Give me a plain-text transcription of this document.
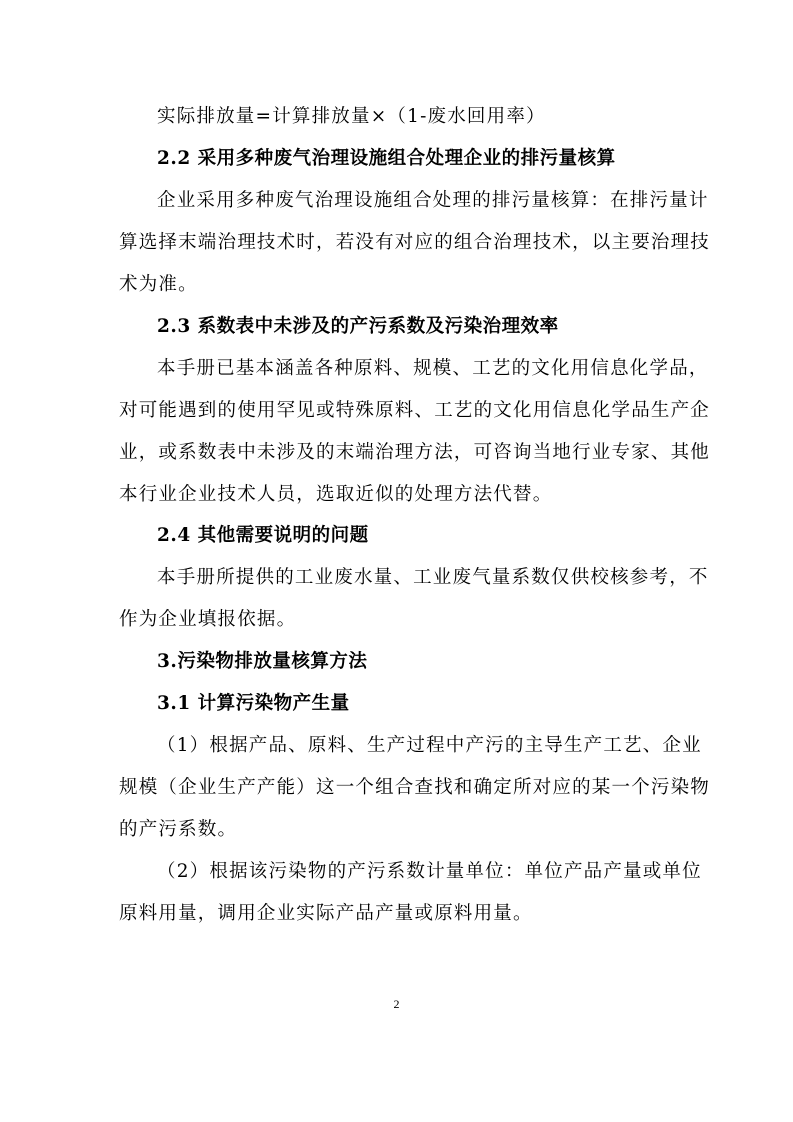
实际排放量=计算排放量×（1-废水回用率）
2.2 采用多种废气治理设施组合处理企业的排污量核算
企业采用多种废气治理设施组合处理的排污量核算：在排污量计
算选择末端治理技术时，若没有对应的组合治理技术，以主要治理技
术为准。
2.3 系数表中未涉及的产污系数及污染治理效率
本手册已基本涵盖各种原料、规模、工艺的文化用信息化学品，
对可能遇到的使用罕见或特殊原料、工艺的文化用信息化学品生产企
业，或系数表中未涉及的末端治理方法，可咨询当地行业专家、其他
本行业企业技术人员，选取近似的处理方法代替。
2.4 其他需要说明的问题
本手册所提供的工业废水量、工业废气量系数仅供校核参考，不
作为企业填报依据。
3.污染物排放量核算方法
3.1 计算污染物产生量
（1）根据产品、原料、生产过程中产污的主导生产工艺、企业
规模（企业生产产能）这一个组合查找和确定所对应的某一个污染物
的产污系数。
（2）根据该污染物的产污系数计量单位：单位产品产量或单位
原料用量，调用企业实际产品产量或原料用量。
2
